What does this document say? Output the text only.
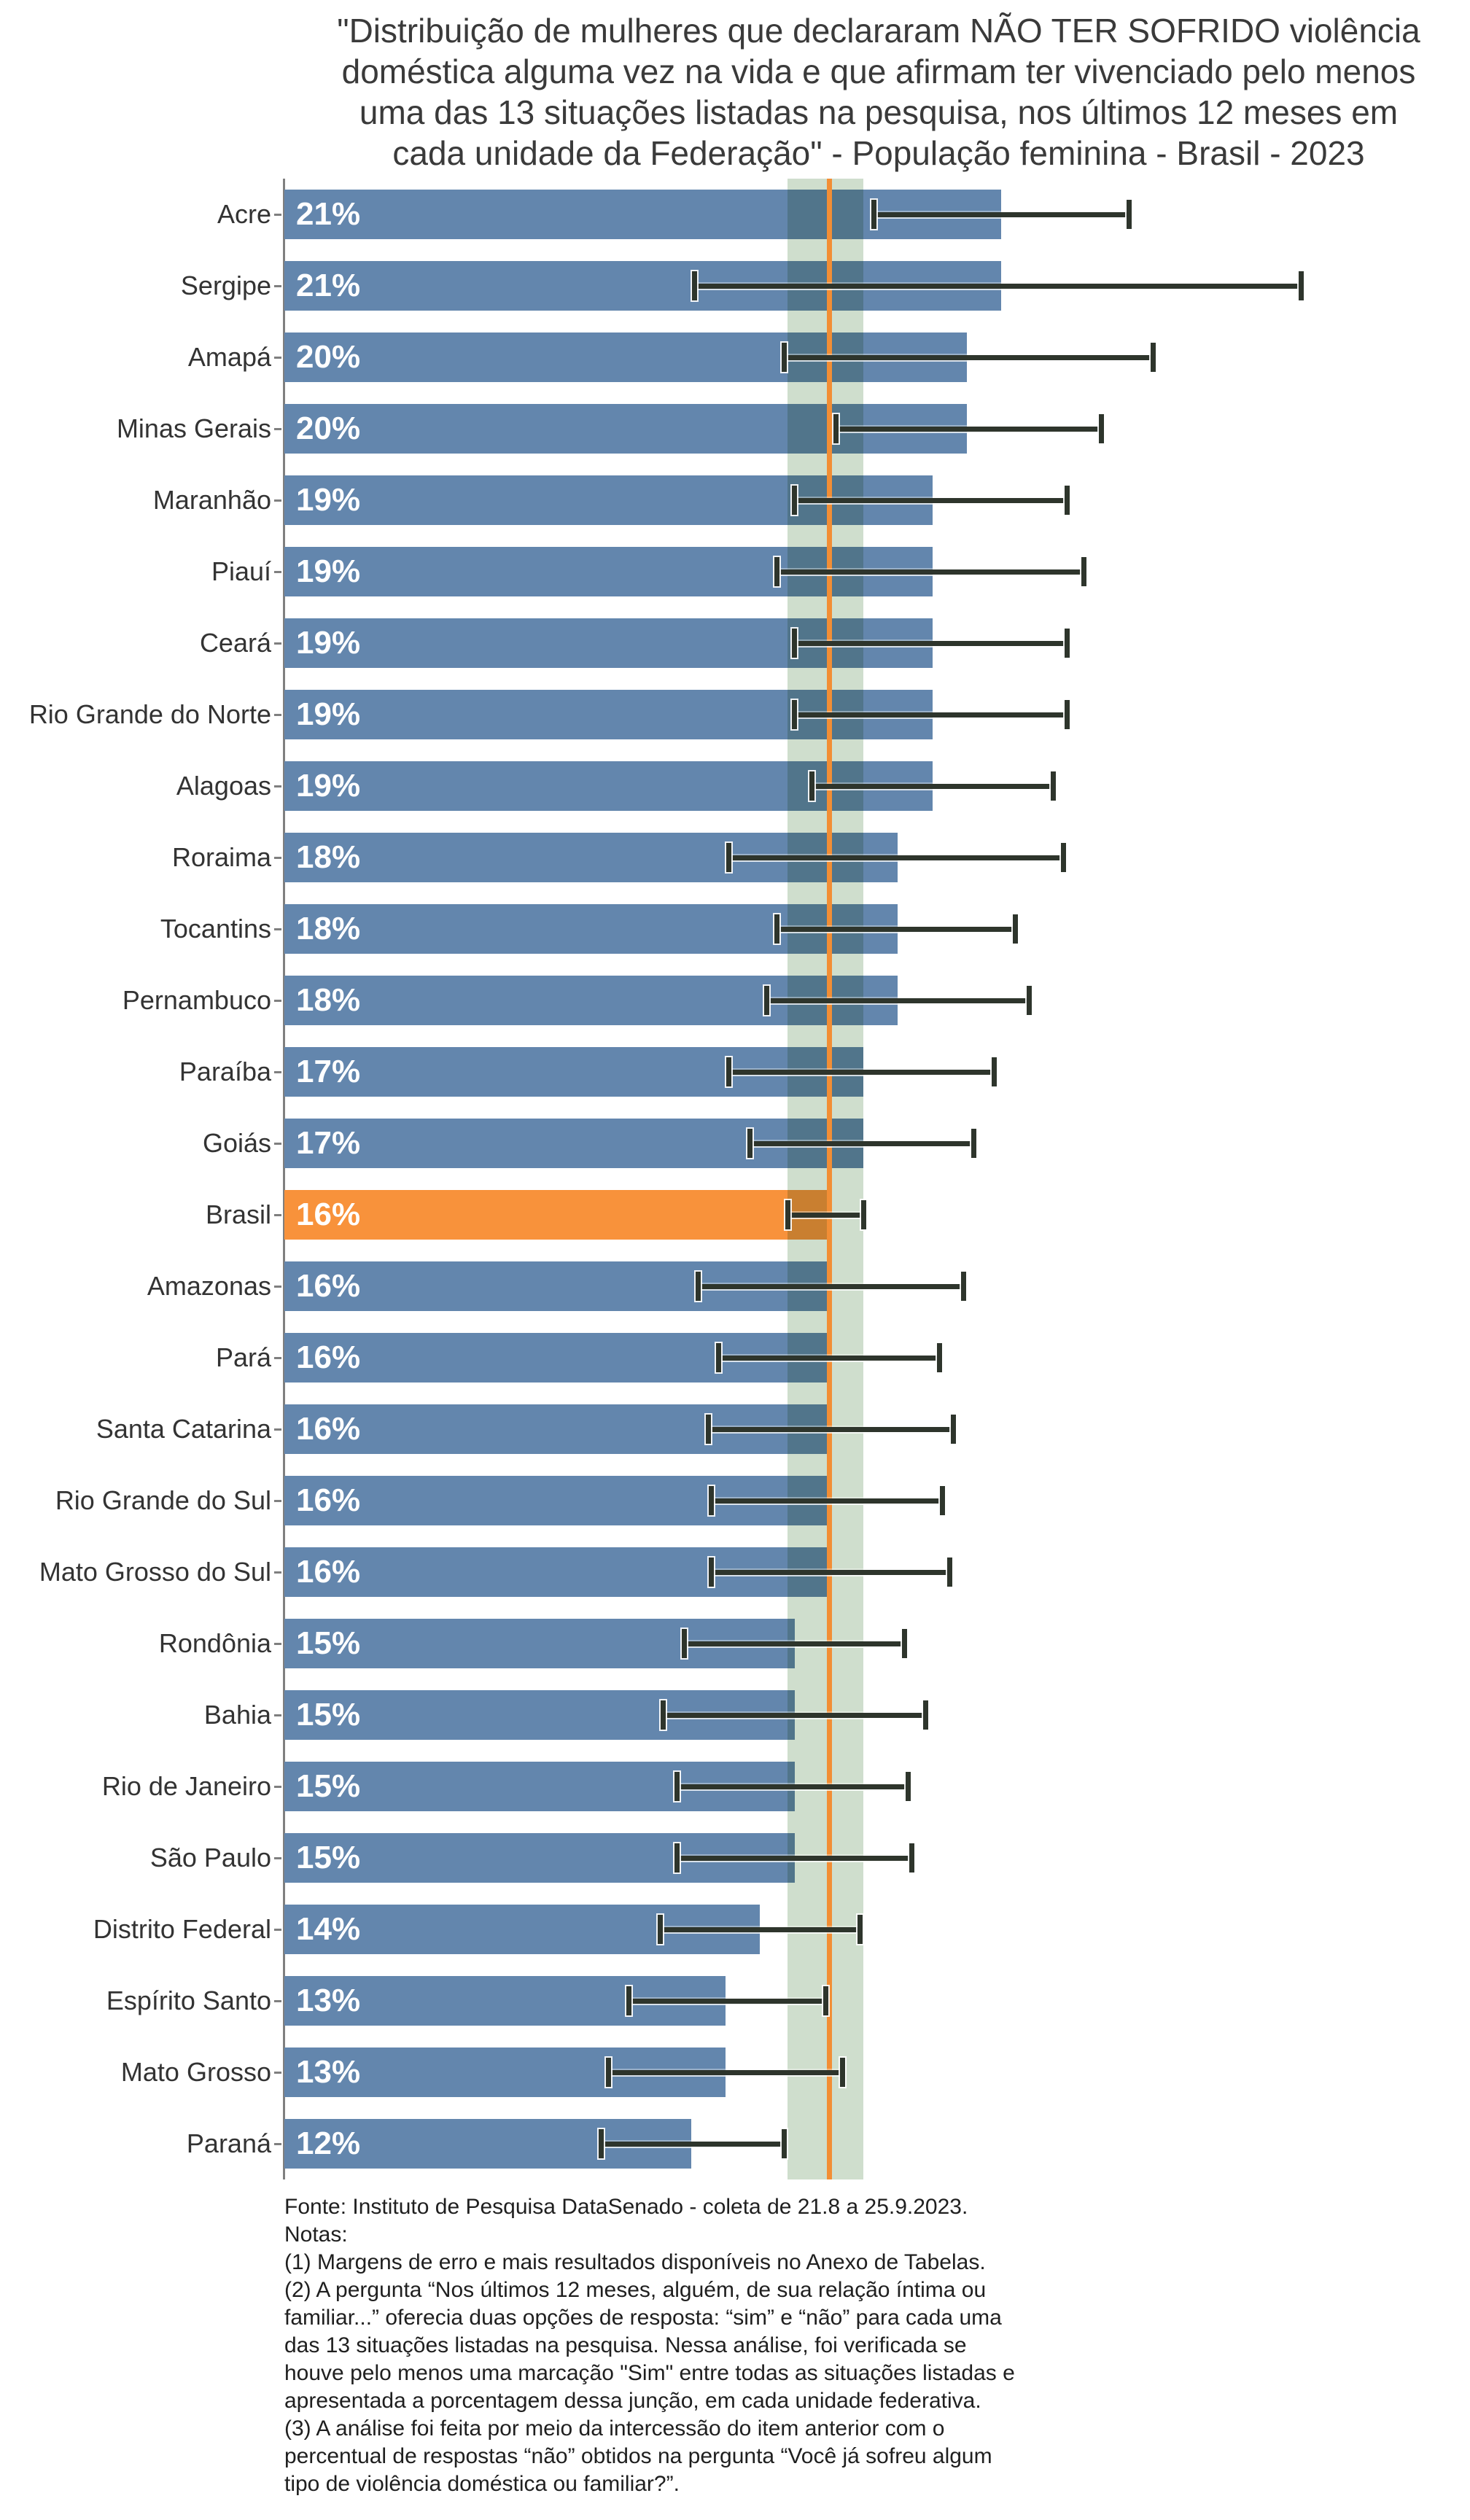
"Distribuição de mulheres que declararam NÃO TER SOFRIDO violência
doméstica alguma vez na vida e que afirmam ter vivenciado pelo menos
uma das 13 situações listadas na pesquisa, nos últimos 12 meses em
cada unidade da Federação" - População feminina - Brasil - 2023
Acre
Sergipe
Amapá
Minas Gerais
Maranhão
Piauí
Ceará
Rio Grande do Norte
Alagoas
Roraima
Tocantins
Pernambuco
Paraíba
Goiás
Brasil
Amazonas
Pará
Santa Catarina
Rio Grande do Sul
Mato Grosso do Sul
Rondônia
Bahia
Rio de Janeiro
São Paulo
Distrito Federal
Espírito Santo
Mato Grosso
Paraná
21%
21%
20%
20%
19%
19%
19%
19%
19%
18%
18%
18%
17%
17%
16%
16%
16%
16%
16%
16%
15%
15%
15%
15%
14%
13%
13%
12%
Fonte: Instituto de Pesquisa DataSenado - coleta de 21.8 a 25.9.2023.
Notas:
(1) Margens de erro e mais resultados disponíveis no Anexo de Tabelas.
(2) A pergunta “Nos últimos 12 meses, alguém, de sua relação íntima ou
familiar...” oferecia duas opções de resposta: “sim” e “não” para cada uma
das 13 situações listadas na pesquisa. Nessa análise, foi verificada se
houve pelo menos uma marcação "Sim" entre todas as situações listadas e
apresentada a porcentagem dessa junção, em cada unidade federativa.
(3) A análise foi feita por meio da intercessão do item anterior com o
percentual de respostas “não” obtidos na pergunta “Você já sofreu algum
tipo de violência doméstica ou familiar?”.
